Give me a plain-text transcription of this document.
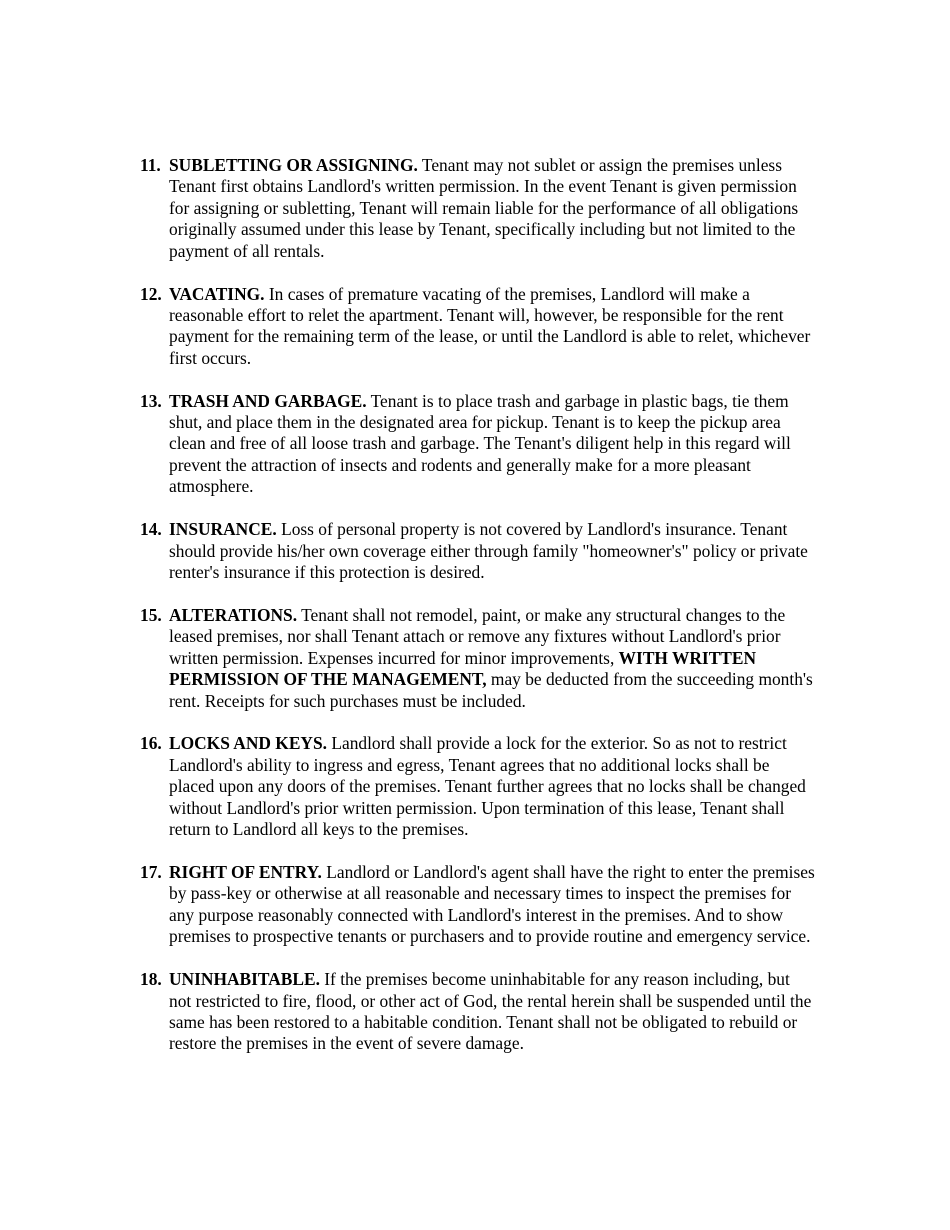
11. SUBLETTING OR ASSIGNING. Tenant may not sublet or assign the premises unless Tenant first obtains Landlord's written permission. In the event Tenant is given permission for assigning or subletting, Tenant will remain liable for the performance of all obligations originally assumed under this lease by Tenant, specifically including but not limited to the payment of all rentals.
12. VACATING. In cases of premature vacating of the premises, Landlord will make a reasonable effort to relet the apartment. Tenant will, however, be responsible for the rent payment for the remaining term of the lease, or until the Landlord is able to relet, whichever first occurs.
13. TRASH AND GARBAGE. Tenant is to place trash and garbage in plastic bags, tie them shut, and place them in the designated area for pickup. Tenant is to keep the pickup area clean and free of all loose trash and garbage. The Tenant's diligent help in this regard will prevent the attraction of insects and rodents and generally make for a more pleasant atmosphere.
14. INSURANCE. Loss of personal property is not covered by Landlord's insurance. Tenant should provide his/her own coverage either through family "homeowner's" policy or private renter's insurance if this protection is desired.
15. ALTERATIONS. Tenant shall not remodel, paint, or make any structural changes to the leased premises, nor shall Tenant attach or remove any fixtures without Landlord's prior written permission. Expenses incurred for minor improvements, WITH WRITTEN PERMISSION OF THE MANAGEMENT, may be deducted from the succeeding month's rent. Receipts for such purchases must be included.
16. LOCKS AND KEYS. Landlord shall provide a lock for the exterior. So as not to restrict Landlord's ability to ingress and egress, Tenant agrees that no additional locks shall be placed upon any doors of the premises. Tenant further agrees that no locks shall be changed without Landlord's prior written permission. Upon termination of this lease, Tenant shall return to Landlord all keys to the premises.
17. RIGHT OF ENTRY. Landlord or Landlord's agent shall have the right to enter the premises by pass-key or otherwise at all reasonable and necessary times to inspect the premises for any purpose reasonably connected with Landlord's interest in the premises. And to show premises to prospective tenants or purchasers and to provide routine and emergency service.
18. UNINHABITABLE. If the premises become uninhabitable for any reason including, but not restricted to fire, flood, or other act of God, the rental herein shall be suspended until the same has been restored to a habitable condition. Tenant shall not be obligated to rebuild or restore the premises in the event of severe damage.
